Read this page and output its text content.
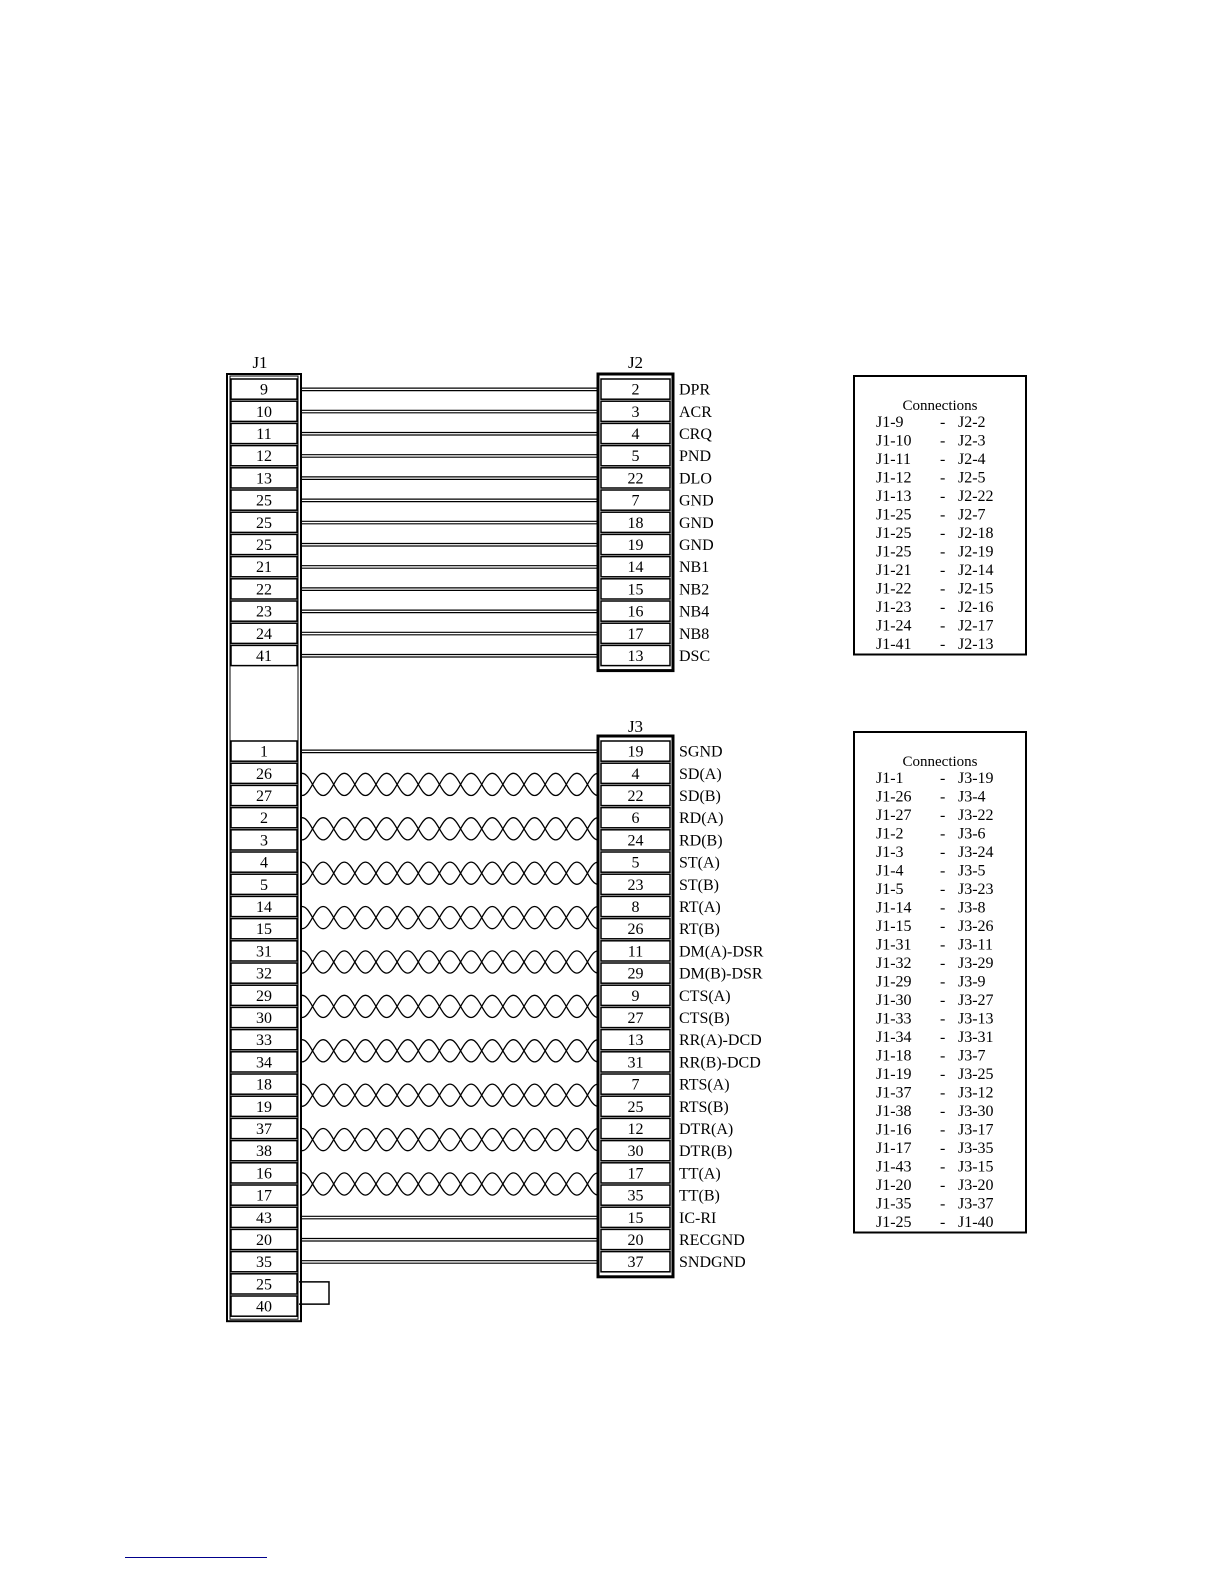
J1	J2
J3
9	2 DPR
10	3 ACR
11	4 CRQ
12	5 PND
13	22 DLO
25	7 GND
25	18 GND
25	19 GND
21	14 NB1
22	15 NB2
23	16 NB4
24	17 NB8
41	13 DSC
1	19 SGND
26	4 SD(A)
27	22 SD(B)
2	6 RD(A)
3	24 RD(B)
4	5 ST(A)
5	23 ST(B)
14	8 RT(A)
15	26 RT(B)
31	11 DM(A)-DSR
32	29 DM(B)-DSR
29	9 CTS(A)
30	27 CTS(B)
33	13 RR(A)-DCD
34	31 RR(B)-DCD
18	7 RTS(A)
19	25 RTS(B)
37	12 DTR(A)
38	30 DTR(B)
16	17 TT(A)
17	35 TT(B)
43	15 IC-RI
20	20 RECGND
35	37 SNDGND
25
40
Connections
J1-9 - J2-2
J1-10 - J2-3
J1-11 - J2-4
J1-12 - J2-5
J1-13 - J2-22
J1-25 - J2-7
J1-25 - J2-18
J1-25 - J2-19
J1-21 - J2-14
J1-22 - J2-15
J1-23 - J2-16
J1-24 - J2-17
J1-41 - J2-13
Connections
J1-1 - J3-19
J1-26 - J3-4
J1-27 - J3-22
J1-2 - J3-6
J1-3 - J3-24
J1-4 - J3-5
J1-5 - J3-23
J1-14 - J3-8
J1-15 - J3-26
J1-31 - J3-11
J1-32 - J3-29
J1-29 - J3-9
J1-30 - J3-27
J1-33 - J3-13
J1-34 - J3-31
J1-18 - J3-7
J1-19 - J3-25
J1-37 - J3-12
J1-38 - J3-30
J1-16 - J3-17
J1-17 - J3-35
J1-43 - J3-15
J1-20 - J3-20
J1-35 - J3-37
J1-25 - J1-40
